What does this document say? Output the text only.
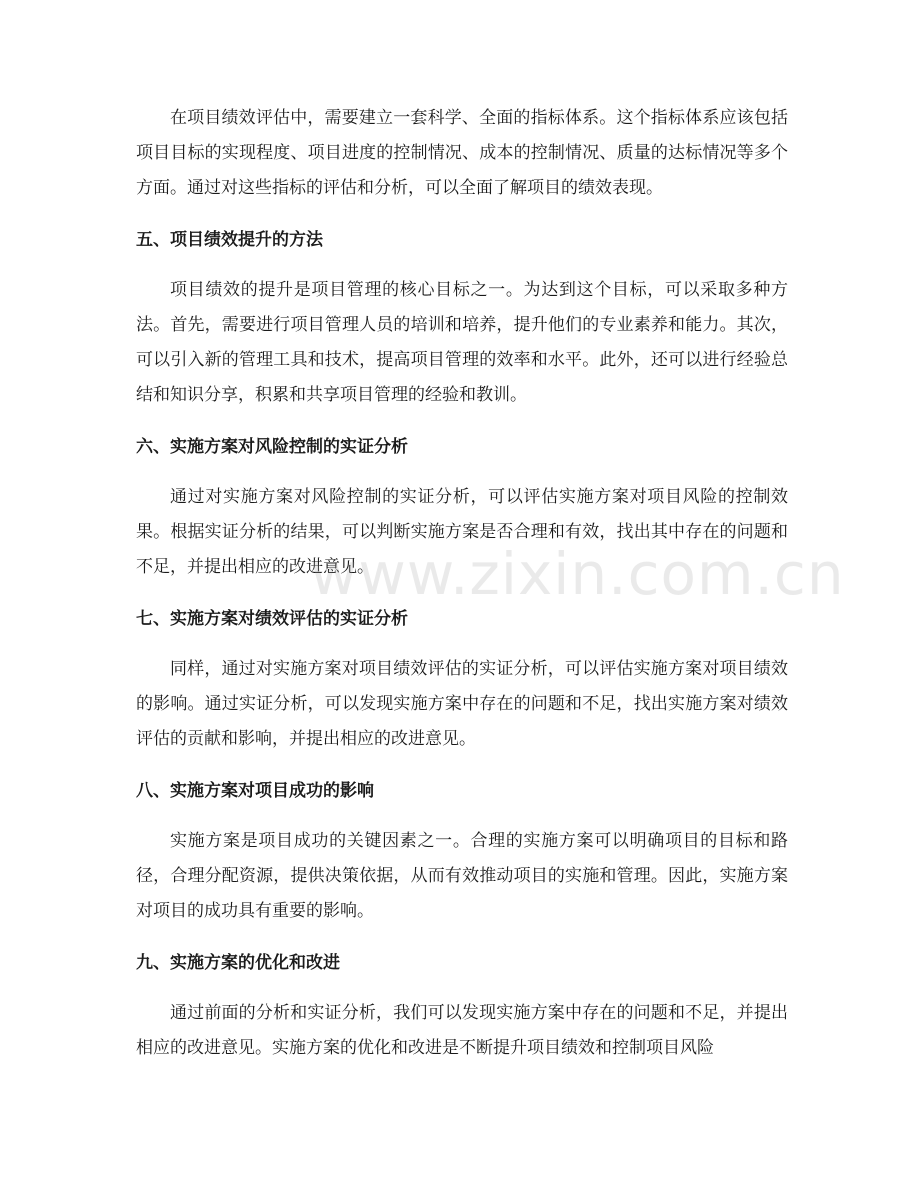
在项目绩效评估中，需要建立一套科学、全面的指标体系。这个指标体系应该包括项目目标的实现程度、项目进度的控制情况、成本的控制情况、质量的达标情况等多个方面。通过对这些指标的评估和分析，可以全面了解项目的绩效表现。

五、项目绩效提升的方法

项目绩效的提升是项目管理的核心目标之一。为达到这个目标，可以采取多种方法。首先，需要进行项目管理人员的培训和培养，提升他们的专业素养和能力。其次，可以引入新的管理工具和技术，提高项目管理的效率和水平。此外，还可以进行经验总结和知识分享，积累和共享项目管理的经验和教训。

六、实施方案对风险控制的实证分析

通过对实施方案对风险控制的实证分析，可以评估实施方案对项目风险的控制效果。根据实证分析的结果，可以判断实施方案是否合理和有效，找出其中存在的问题和不足，并提出相应的改进意见。

七、实施方案对绩效评估的实证分析

同样，通过对实施方案对项目绩效评估的实证分析，可以评估实施方案对项目绩效的影响。通过实证分析，可以发现实施方案中存在的问题和不足，找出实施方案对绩效评估的贡献和影响，并提出相应的改进意见。

八、实施方案对项目成功的影响

实施方案是项目成功的关键因素之一。合理的实施方案可以明确项目的目标和路径，合理分配资源，提供决策依据，从而有效推动项目的实施和管理。因此，实施方案对项目的成功具有重要的影响。

九、实施方案的优化和改进

通过前面的分析和实证分析，我们可以发现实施方案中存在的问题和不足，并提出相应的改进意见。实施方案的优化和改进是不断提升项目绩效和控制项目风险

www.zixin.com.cn
